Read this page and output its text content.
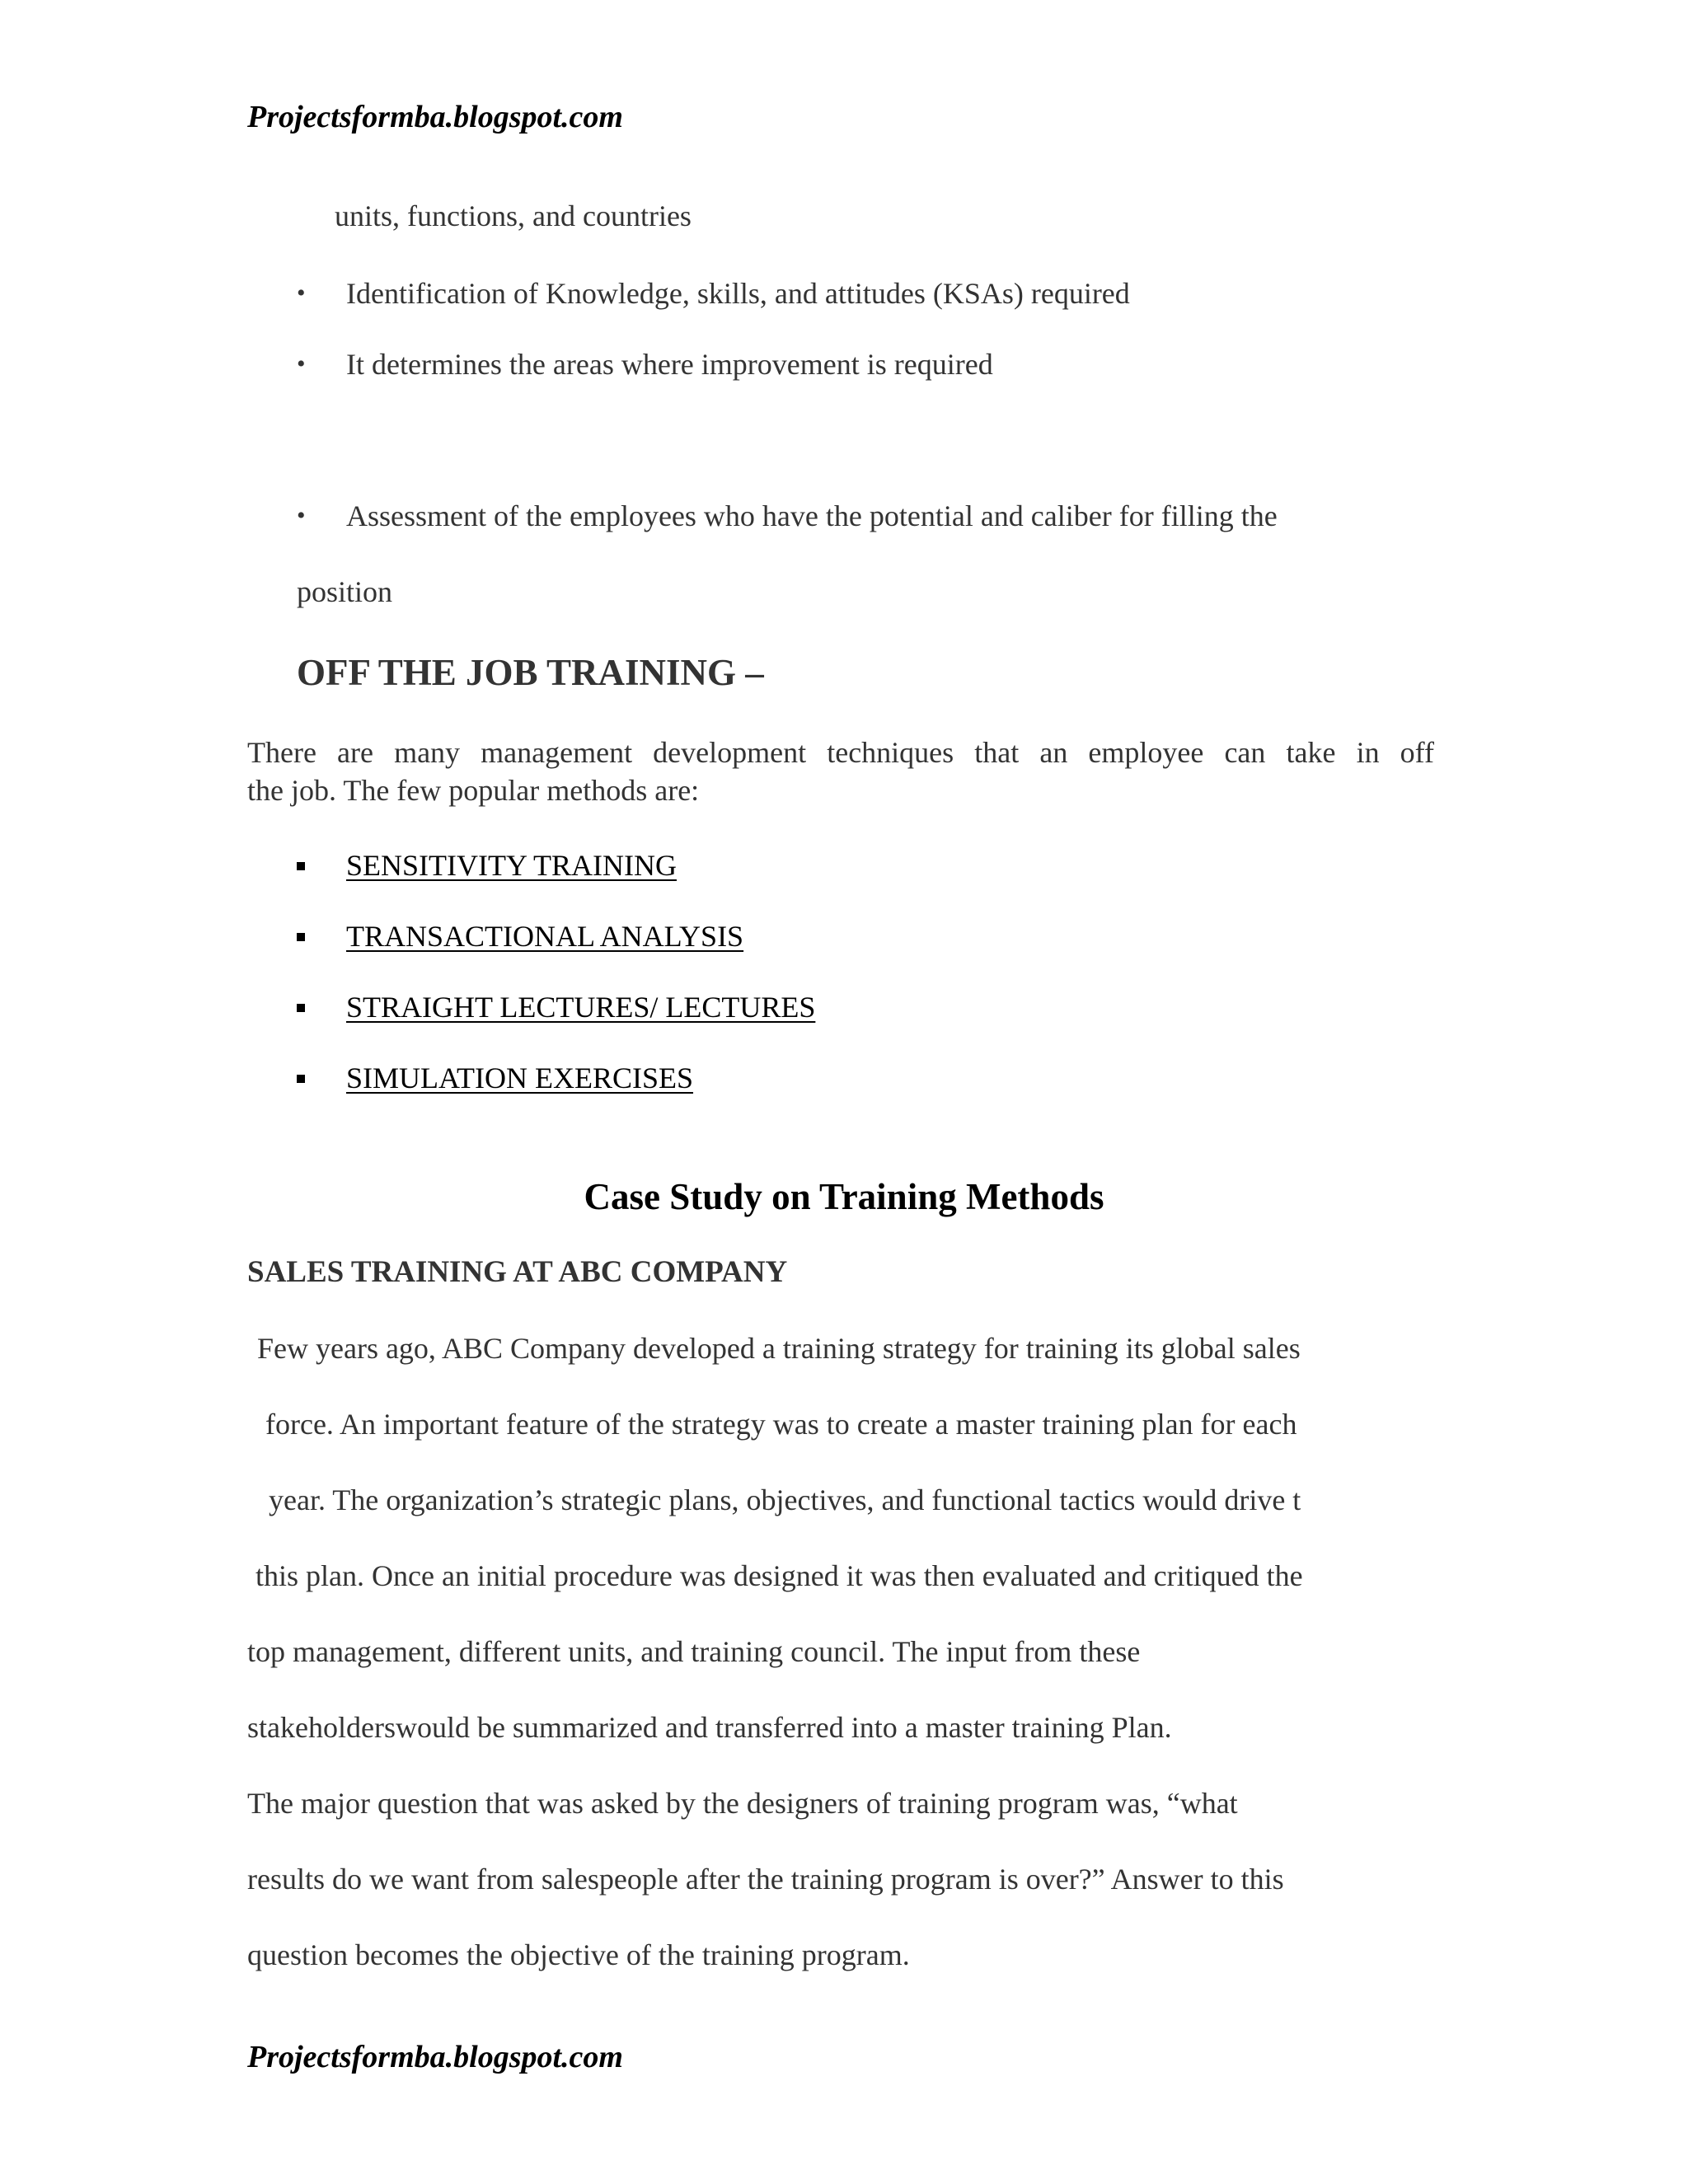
Projectsformba.blogspot.com

units, functions, and countries

• Identification of Knowledge, skills, and attitudes (KSAs) required

• It determines the areas where improvement is required

• Assessment of the employees who have the potential and caliber for filling the

position

OFF THE JOB TRAINING –

There are many management development techniques that an employee can take in off
the job. The few popular methods are:

SENSITIVITY TRAINING
TRANSACTIONAL ANALYSIS
STRAIGHT LECTURES/ LECTURES
SIMULATION EXERCISES
Case Study on Training Methods
SALES TRAINING AT ABC COMPANY

Few years ago, ABC Company developed a training strategy for training its global sales

force. An important feature of the strategy was to create a master training plan for each

year. The organization’s strategic plans, objectives, and functional tactics would drive t

this plan. Once an initial procedure was designed it was then evaluated and critiqued the

top management, different units, and training council. The input from these

stakeholderswould be summarized and transferred into a master training Plan.

The major question that was asked by the designers of training program was, “what

results do we want from salespeople after the training program is over?” Answer to this

question becomes the objective of the training program.

Projectsformba.blogspot.com
